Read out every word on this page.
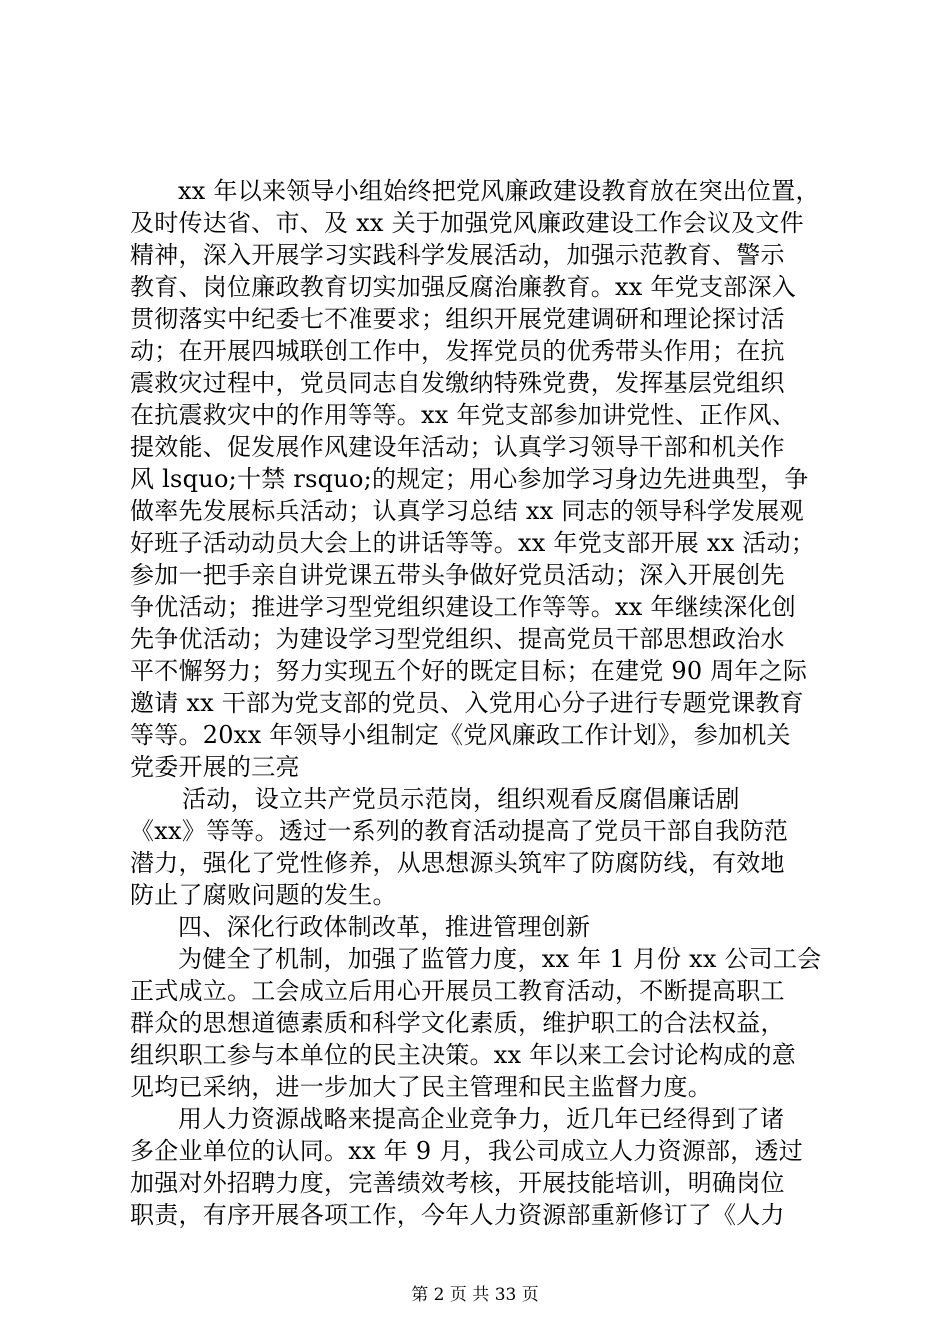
xx 年以来领导小组始终把党风廉政建设教育放在突出位置，
及时传达省、市、及 xx 关于加强党风廉政建设工作会议及文件
精神，深入开展学习实践科学发展活动，加强示范教育、警示
教育、岗位廉政教育切实加强反腐治廉教育。xx 年党支部深入
贯彻落实中纪委七不准要求；组织开展党建调研和理论探讨活
动；在开展四城联创工作中，发挥党员的优秀带头作用；在抗
震救灾过程中，党员同志自发缴纳特殊党费，发挥基层党组织
在抗震救灾中的作用等等。xx 年党支部参加讲党性、正作风、
提效能、促发展作风建设年活动；认真学习领导干部和机关作
风 lsquo;十禁 rsquo;的规定；用心参加学习身边先进典型，争
做率先发展标兵活动；认真学习总结 xx 同志的领导科学发展观
好班子活动动员大会上的讲话等等。xx 年党支部开展 xx 活动；
参加一把手亲自讲党课五带头争做好党员活动；深入开展创先
争优活动；推进学习型党组织建设工作等等。xx 年继续深化创
先争优活动；为建设学习型党组织、提高党员干部思想政治水
平不懈努力；努力实现五个好的既定目标；在建党 90 周年之际
邀请 xx 干部为党支部的党员、入党用心分子进行专题党课教育
等等。20xx 年领导小组制定《党风廉政工作计划》，参加机关
党委开展的三亮
活动，设立共产党员示范岗，组织观看反腐倡廉话剧
《xx》等等。透过一系列的教育活动提高了党员干部自我防范
潜力，强化了党性修养，从思想源头筑牢了防腐防线，有效地
防止了腐败问题的发生。
四、深化行政体制改革，推进管理创新
为健全了机制，加强了监管力度，xx 年 1 月份 xx 公司工会
正式成立。工会成立后用心开展员工教育活动，不断提高职工
群众的思想道德素质和科学文化素质，维护职工的合法权益，
组织职工参与本单位的民主决策。xx 年以来工会讨论构成的意
见均已采纳，进一步加大了民主管理和民主监督力度。
用人力资源战略来提高企业竞争力，近几年已经得到了诸
多企业单位的认同。xx 年 9 月，我公司成立人力资源部，透过
加强对外招聘力度，完善绩效考核，开展技能培训，明确岗位
职责，有序开展各项工作，今年人力资源部重新修订了《人力
第 2 页 共 33 页
